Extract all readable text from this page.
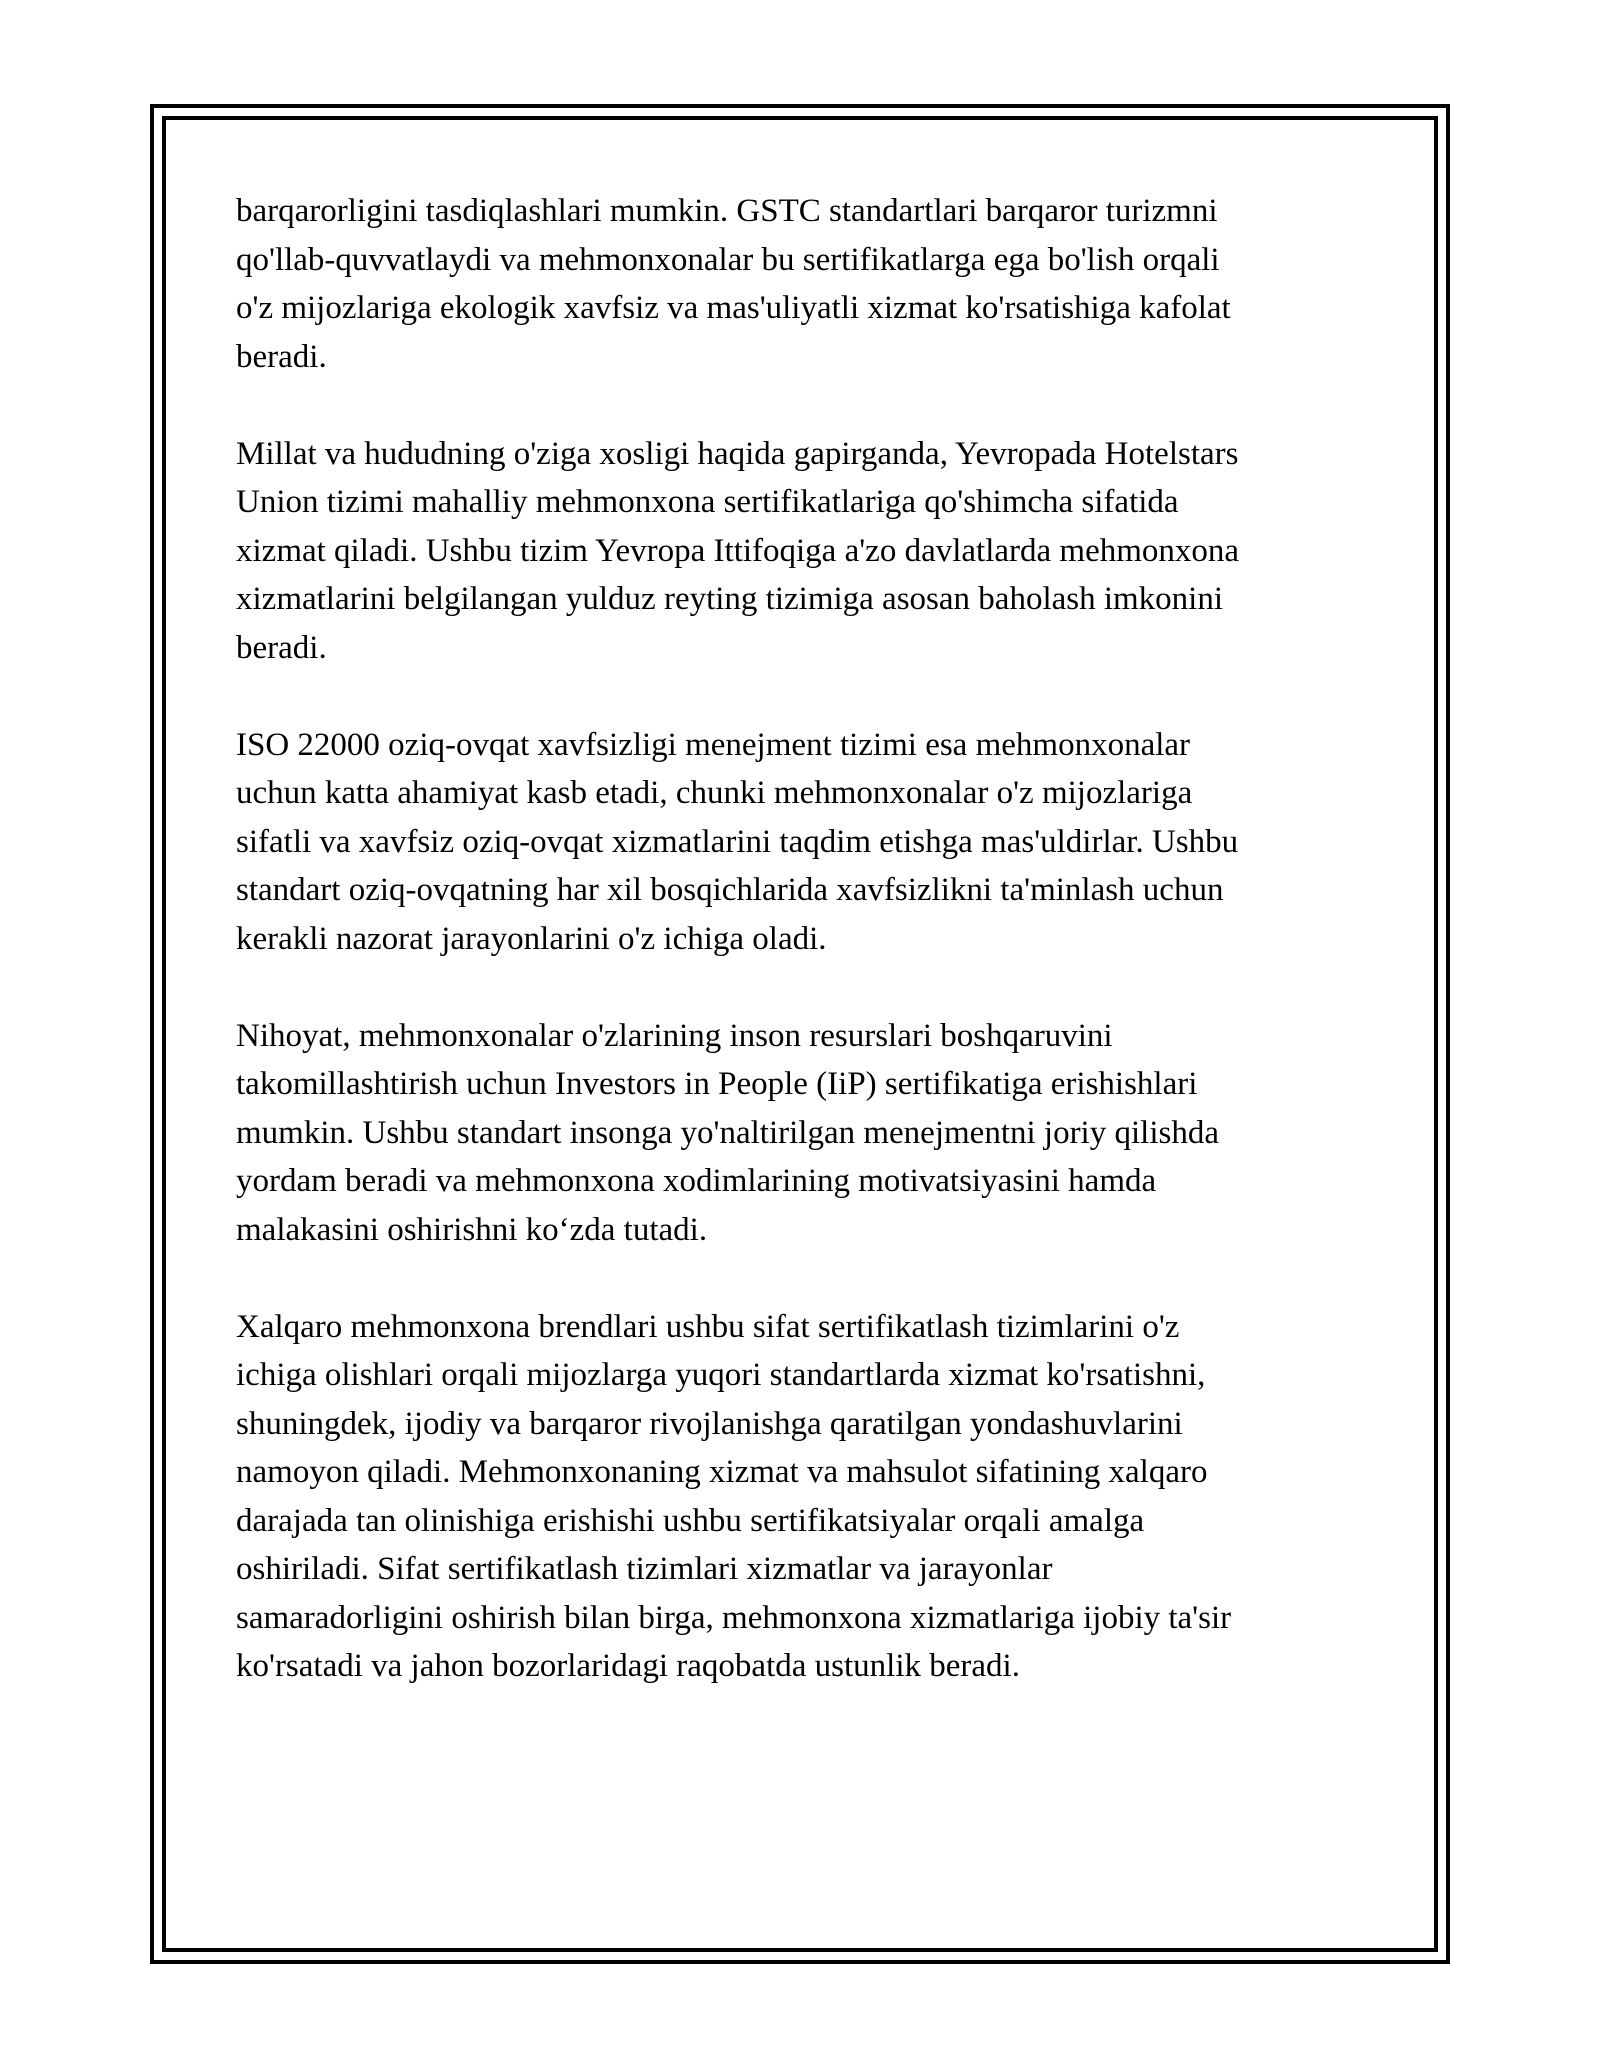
barqarorligini tasdiqlashlari mumkin. GSTC standartlari barqaror turizmni
qo'llab-quvvatlaydi va mehmonxonalar bu sertifikatlarga ega bo'lish orqali
o'z mijozlariga ekologik xavfsiz va mas'uliyatli xizmat ko'rsatishiga kafolat
beradi.

Millat va hududning o'ziga xosligi haqida gapirganda, Yevropada Hotelstars
Union tizimi mahalliy mehmonxona sertifikatlariga qo'shimcha sifatida
xizmat qiladi. Ushbu tizim Yevropa Ittifoqiga a'zo davlatlarda mehmonxona
xizmatlarini belgilangan yulduz reyting tizimiga asosan baholash imkonini
beradi.

ISO 22000 oziq-ovqat xavfsizligi menejment tizimi esa mehmonxonalar
uchun katta ahamiyat kasb etadi, chunki mehmonxonalar o'z mijozlariga
sifatli va xavfsiz oziq-ovqat xizmatlarini taqdim etishga mas'uldirlar. Ushbu
standart oziq-ovqatning har xil bosqichlarida xavfsizlikni ta'minlash uchun
kerakli nazorat jarayonlarini o'z ichiga oladi.

Nihoyat, mehmonxonalar o'zlarining inson resurslari boshqaruvini
takomillashtirish uchun Investors in People (IiP) sertifikatiga erishishlari
mumkin. Ushbu standart insonga yo'naltirilgan menejmentni joriy qilishda
yordam beradi va mehmonxona xodimlarining motivatsiyasini hamda
malakasini oshirishni ko‘zda tutadi.

Xalqaro mehmonxona brendlari ushbu sifat sertifikatlash tizimlarini o'z
ichiga olishlari orqali mijozlarga yuqori standartlarda xizmat ko'rsatishni,
shuningdek, ijodiy va barqaror rivojlanishga qaratilgan yondashuvlarini
namoyon qiladi. Mehmonxonaning xizmat va mahsulot sifatining xalqaro
darajada tan olinishiga erishishi ushbu sertifikatsiyalar orqali amalga
oshiriladi. Sifat sertifikatlash tizimlari xizmatlar va jarayonlar
samaradorligini oshirish bilan birga, mehmonxona xizmatlariga ijobiy ta'sir
ko'rsatadi va jahon bozorlaridagi raqobatda ustunlik beradi.
